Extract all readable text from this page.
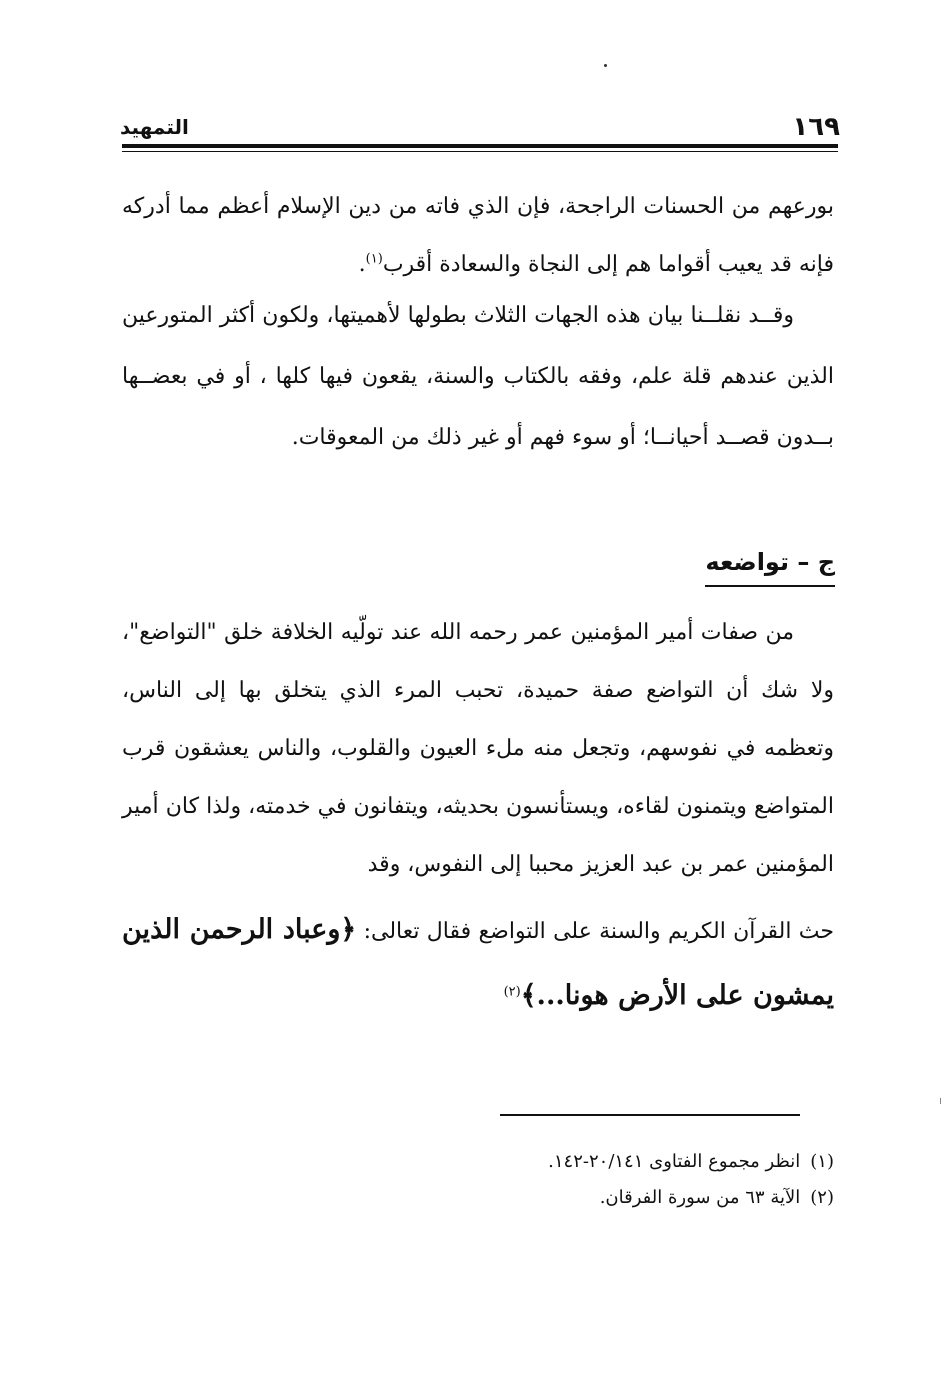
١٦٩
التمهيد
بورعهم من الحسنات الراجحة، فإن الذي فاته من دين الإسلام أعظم مما أدركه فإنه قد يعيب أقواما هم إلى النجاة والسعادة أقرب$^{(١)}$.
وقــد نقلــنا بيان هذه الجهات الثلاث بطولها لأهميتها، ولكون أكثر المتورعين الذين عندهم قلة علم، وفقه بالكتاب والسنة، يقعون فيها كلها ، أو في بعضــها بــدون قصــد أحيانــا؛ أو سوء فهم أو غير ذلك من المعوقات.
ج – تواضعه
من صفات أمير المؤمنين عمر رحمه الله عند تولّيه الخلافة خلق "التواضع"، ولا شك أن التواضع صفة حميدة، تحبب المرء الذي يتخلق بها إلى الناس، وتعظمه في نفوسهم، وتجعل منه ملء العيون والقلوب، والناس يعشقون قرب المتواضع ويتمنون لقاءه، ويستأنسون بحديثه، ويتفانون في خدمته، ولذا كان أمير المؤمنين عمر بن عبد العزيز محببا إلى النفوس، وقد
حث القرآن الكريم والسنة على التواضع فقال تعالى: ﴿وعباد الرحمن الذين يمشون على الأرض هونا...﴾$^{(٢)}$
(١)انظر مجموع الفتاوى ٢٠/١٤١-١٤٢.
(٢)الآية ٦٣ من سورة الفرقان.
